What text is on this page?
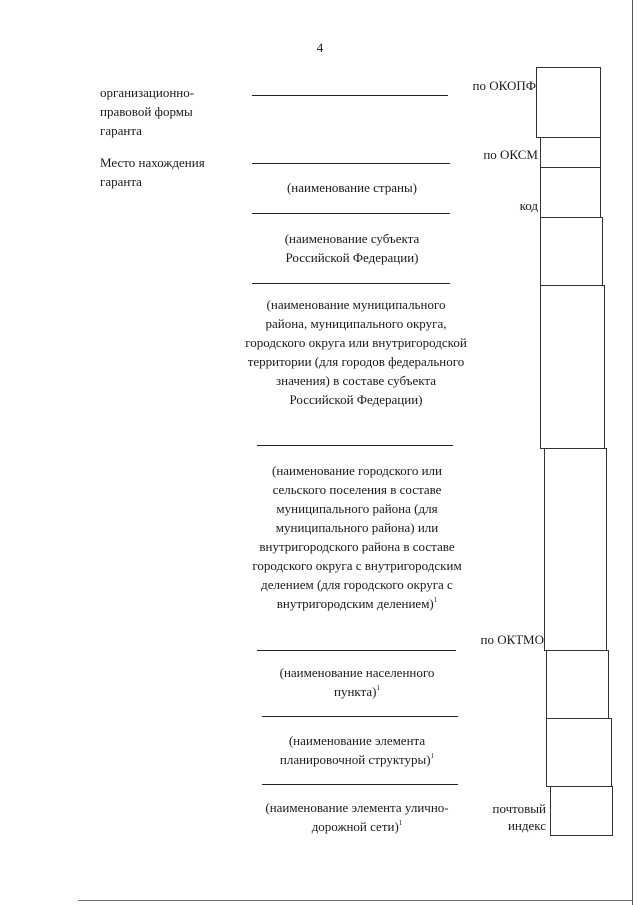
4
организационно-правовой формы гаранта
Место нахождения гаранта	(наименование страны)
(наименование субъекта Российской Федерации)
(наименование муниципального района, муниципального округа, городского округа или внутригородской территории (для городов федерального значения) в составе субъекта Российской Федерации)
(наименование городского или сельского поселения в составе муниципального района (для муниципального района) или внутригородского района в составе городского округа с внутригородским делением (для городского округа с внутригородским делением)$^1$
(наименование населенного пункта)$^1$
(наименование элемента планировочной структуры)$^1$
(наименование элемента улично-дорожной сети)$^1$
по ОКОПФ
по ОКСМ
код
по ОКТМО
почтовый
индекс
